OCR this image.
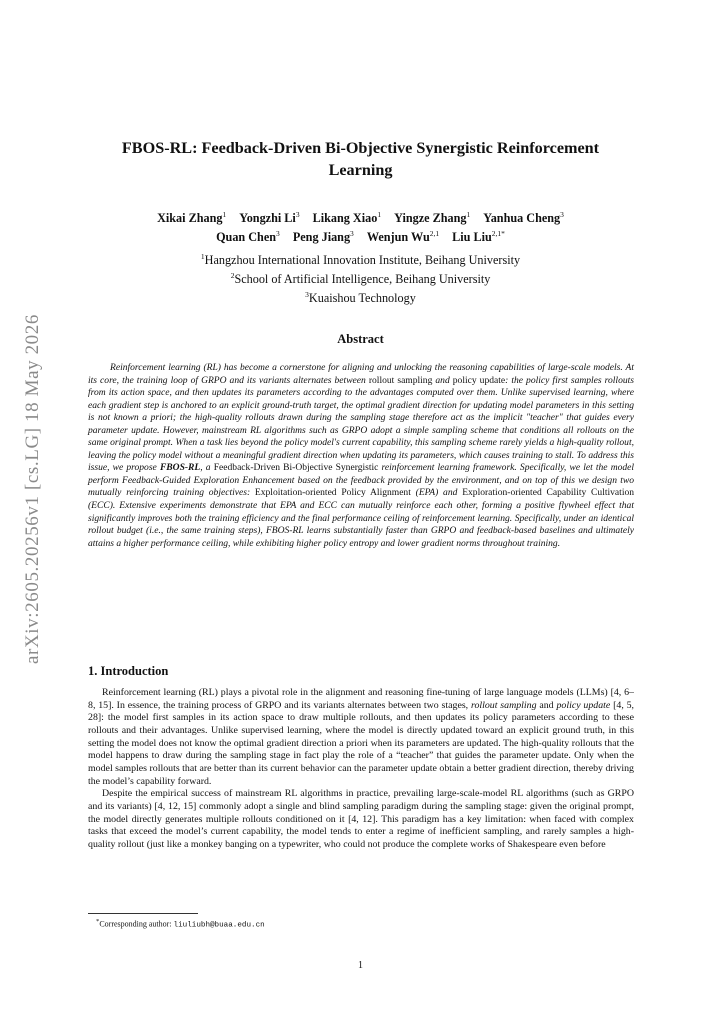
arXiv:2605.20256v1 [cs.LG] 18 May 2026
FBOS-RL: Feedback-Driven Bi-Objective Synergistic Reinforcement Learning
Xikai Zhang$^1$ Yongzhi Li$^3$ Likang Xiao$^1$ Yingze Zhang$^1$ Yanhua Cheng$^3$
Quan Chen$^3$ Peng Jiang$^3$ Wenjun Wu$^{2,1}$ Liu Liu$^{2,1*}$
$^1$Hangzhou International Innovation Institute, Beihang University
$^2$School of Artificial Intelligence, Beihang University
$^3$Kuaishou Technology
Abstract
Reinforcement learning (RL) has become a cornerstone for aligning and unlocking the reasoning capabilities of large-scale models. At its core, the training loop of GRPO and its variants alternates between rollout sampling and policy update: the policy first samples rollouts from its action space, and then updates its parameters according to the advantages computed over them. Unlike supervised learning, where each gradient step is anchored to an explicit ground-truth target, the optimal gradient direction for updating model parameters in this setting is not known a priori; the high-quality rollouts drawn during the sampling stage therefore act as the implicit "teacher" that guides every parameter update. However, mainstream RL algorithms such as GRPO adopt a simple sampling scheme that conditions all rollouts on the same original prompt. When a task lies beyond the policy model's current capability, this sampling scheme rarely yields a high-quality rollout, leaving the policy model without a meaningful gradient direction when updating its parameters, which causes training to stall. To address this issue, we propose FBOS-RL, a Feedback-Driven Bi-Objective Synergistic reinforcement learning framework. Specifically, we let the model perform Feedback-Guided Exploration Enhancement based on the feedback provided by the environment, and on top of this we design two mutually reinforcing training objectives: Exploitation-oriented Policy Alignment (EPA) and Exploration-oriented Capability Cultivation (ECC). Extensive experiments demonstrate that EPA and ECC can mutually reinforce each other, forming a positive flywheel effect that significantly improves both the training efficiency and the final performance ceiling of reinforcement learning. Specifically, under an identical rollout budget (i.e., the same training steps), FBOS-RL learns substantially faster than GRPO and feedback-based baselines and ultimately attains a higher performance ceiling, while exhibiting higher policy entropy and lower gradient norms throughout training.
1. Introduction

Reinforcement learning (RL) plays a pivotal role in the alignment and reasoning fine-tuning of large language models (LLMs) [4, 6–8, 15]. In essence, the training process of GRPO and its variants alternates between two stages, rollout sampling and policy update [4, 5, 28]: the model first samples in its action space to draw multiple rollouts, and then updates its policy parameters according to these rollouts and their advantages. Unlike supervised learning, where the model is directly updated toward an explicit ground truth, in this setting the model does not know the optimal gradient direction a priori when its parameters are updated. The high-quality rollouts that the model happens to draw during the sampling stage in fact play the role of a “teacher” that guides the parameter update. Only when the model samples rollouts that are better than its current behavior can the parameter update obtain a better gradient direction, thereby driving the model’s capability forward.

Despite the empirical success of mainstream RL algorithms in practice, prevailing large-scale-model RL algorithms (such as GRPO and its variants) [4, 12, 15] commonly adopt a single and blind sampling paradigm during the sampling stage: given the original prompt, the model directly generates multiple rollouts conditioned on it [4, 12]. This paradigm has a key limitation: when faced with complex tasks that exceed the model’s current capability, the model tends to enter a regime of inefficient sampling, and rarely samples a high-quality rollout (just like a monkey banging on a typewriter, who could not produce the complete works of Shakespeare even before

*Corresponding author: liuliubh@buaa.edu.cn
1
